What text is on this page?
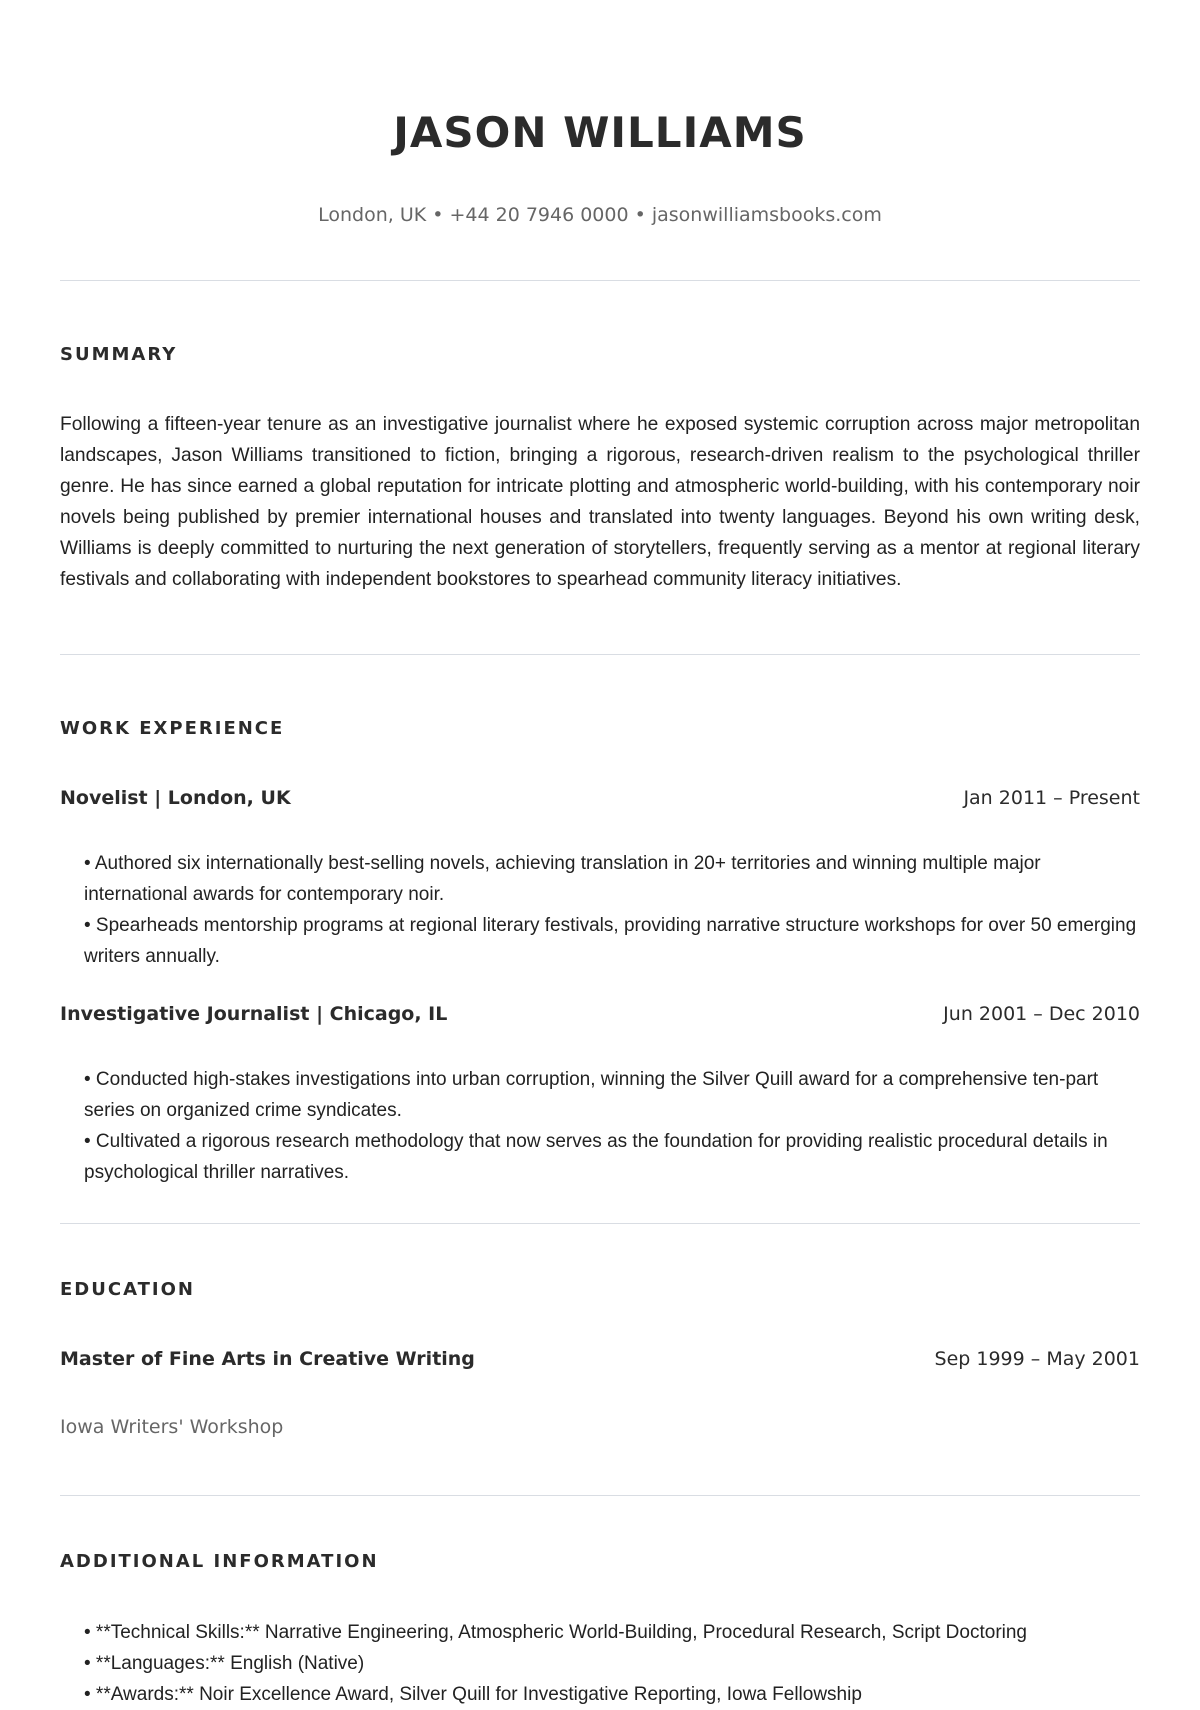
JASON WILLIAMS
London, UK • +44 20 7946 0000 • jasonwilliamsbooks.com
SUMMARY

Following a fifteen-year tenure as an investigative journalist where he exposed systemic corruption across major metropolitan landscapes, Jason Williams transitioned to fiction, bringing a rigorous, research-driven realism to the psychological thriller genre. He has since earned a global reputation for intricate plotting and atmospheric world-building, with his contemporary noir novels being published by premier international houses and translated into twenty languages. Beyond his own writing desk, Williams is deeply committed to nurturing the next generation of storytellers, frequently serving as a mentor at regional literary festivals and collaborating with independent bookstores to spearhead community literacy initiatives.

WORK EXPERIENCE
Novelist | London, UK	Jan 2011 – Present
• Authored six internationally best-selling novels, achieving translation in 20+ territories and winning multiple major international awards for contemporary noir.
• Spearheads mentorship programs at regional literary festivals, providing narrative structure workshops for over 50 emerging writers annually.
Investigative Journalist | Chicago, IL	Jun 2001 – Dec 2010
• Conducted high-stakes investigations into urban corruption, winning the Silver Quill award for a comprehensive ten-part series on organized crime syndicates.
• Cultivated a rigorous research methodology that now serves as the foundation for providing realistic procedural details in psychological thriller narratives.
EDUCATION
Master of Fine Arts in Creative Writing	Sep 1999 – May 2001
Iowa Writers' Workshop
ADDITIONAL INFORMATION
• **Technical Skills:** Narrative Engineering, Atmospheric World-Building, Procedural Research, Script Doctoring
• **Languages:** English (Native)
• **Awards:** Noir Excellence Award, Silver Quill for Investigative Reporting, Iowa Fellowship
